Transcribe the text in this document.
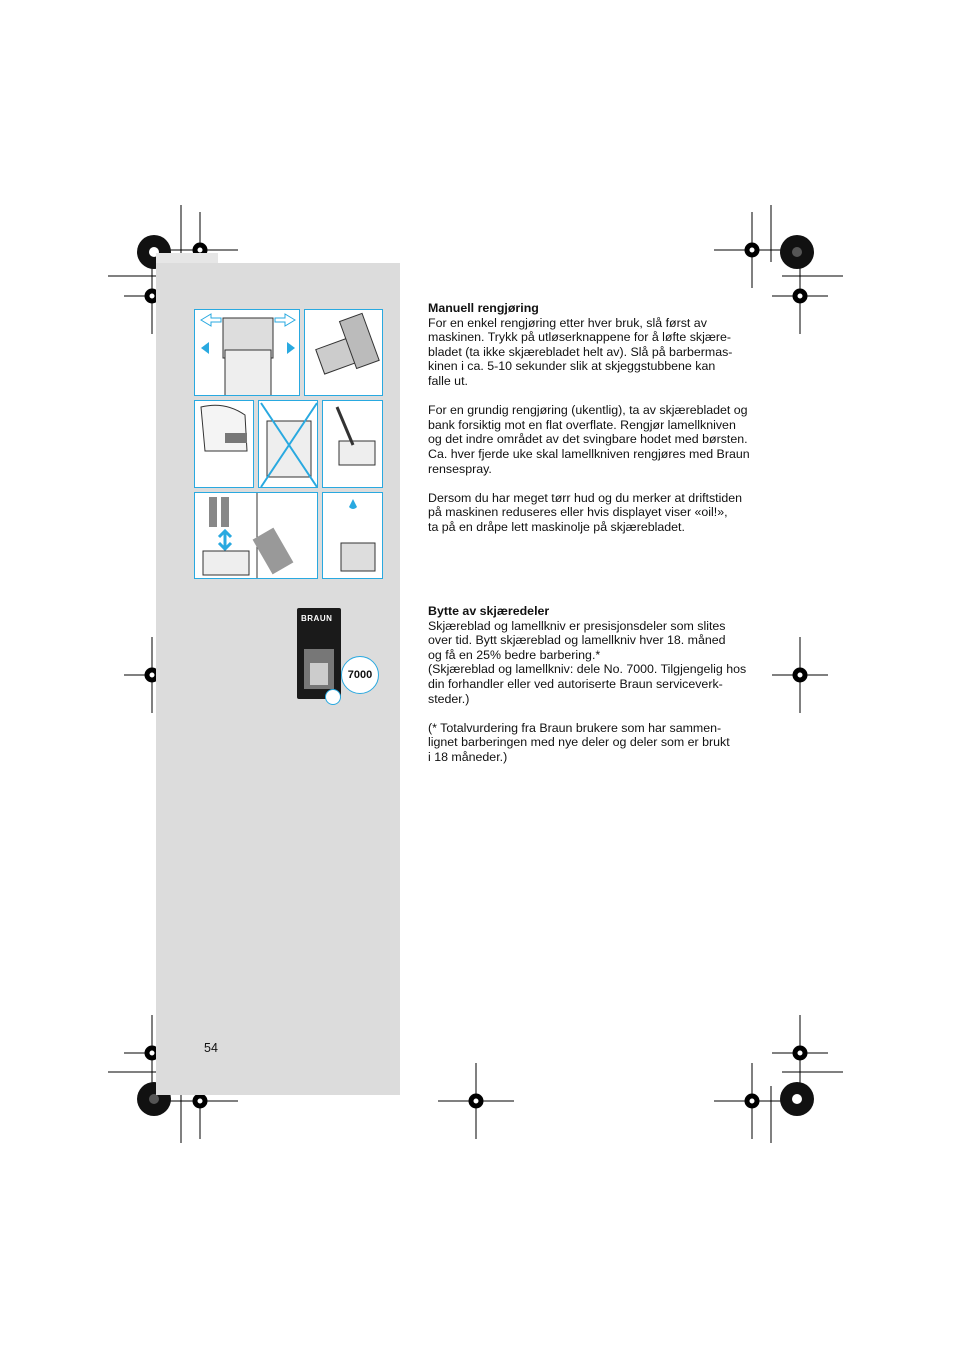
BRAUN
7000
Manuell rengjøring

For en enkel rengjøring etter hver bruk, slå først av
maskinen. Trykk på utløserknappene for å løfte skjære-
bladet (ta ikke skjærebladet helt av). Slå på barbermas-
kinen i ca. 5-10 sekunder slik at skjeggstubbene kan
falle ut.

For en grundig rengjøring (ukentlig), ta av skjærebladet og
bank forsiktig mot en flat overflate. Rengjør lamellkniven
og det indre området av det svingbare hodet med børsten.
Ca. hver fjerde uke skal lamellkniven rengjøres med Braun
rensespray.

Dersom du har meget tørr hud og du merker at driftstiden
på maskinen reduseres eller hvis displayet viser «oil!»,
ta på en dråpe lett maskinolje på skjærebladet.

Bytte av skjæredeler

Skjæreblad og lamellkniv er presisjonsdeler som slites
over tid. Bytt skjæreblad og lamellkniv hver 18. måned
og få en 25% bedre barbering.*
(Skjæreblad og lamellkniv: dele No. 7000. Tilgjengelig hos
din forhandler eller ved autoriserte Braun serviceverk-
steder.)

(* Totalvurdering fra Braun brukere som har sammen-
lignet barberingen med nye deler og deler som er brukt
i 18 måneder.)

54
